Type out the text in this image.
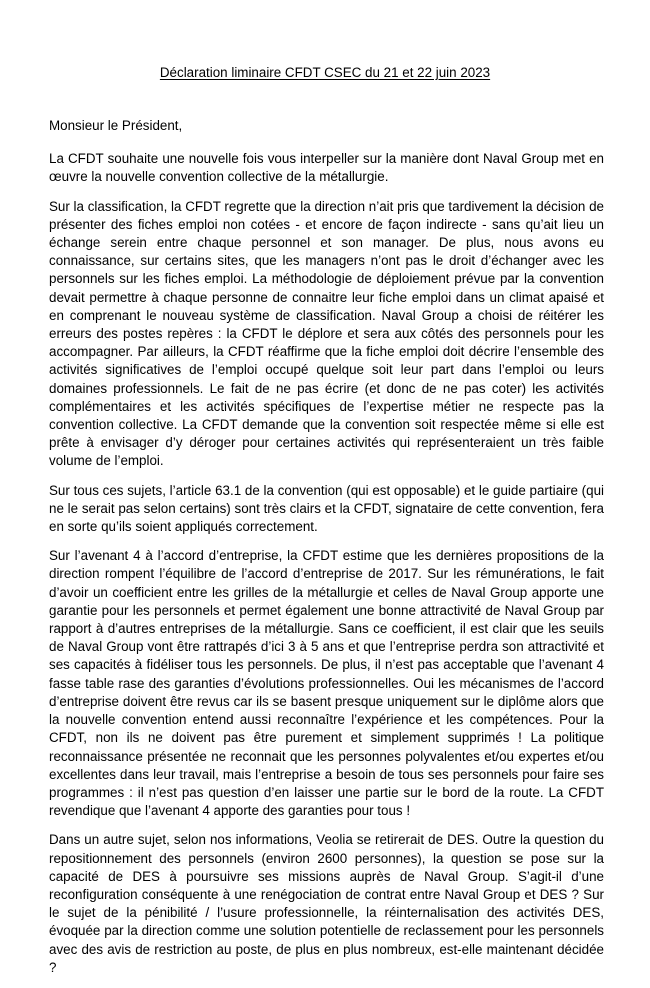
Déclaration liminaire CFDT CSEC du 21 et 22 juin 2023

Monsieur le Président,

La CFDT souhaite une nouvelle fois vous interpeller sur la manière dont Naval Group met en œuvre la nouvelle convention collective de la métallurgie.

Sur la classification, la CFDT regrette que la direction n’ait pris que tardivement la décision de présenter des fiches emploi non cotées - et encore de façon indirecte - sans qu’ait lieu un échange serein entre chaque personnel et son manager. De plus, nous avons eu connaissance, sur certains sites, que les managers n’ont pas le droit d’échanger avec les personnels sur les fiches emploi. La méthodologie de déploiement prévue par la convention devait permettre à chaque personne de connaitre leur fiche emploi dans un climat apaisé et en comprenant le nouveau système de classification. Naval Group a choisi de réitérer les erreurs des postes repères : la CFDT le déplore et sera aux côtés des personnels pour les accompagner. Par ailleurs, la CFDT réaffirme que la fiche emploi doit décrire l’ensemble des activités significatives de l’emploi occupé quelque soit leur part dans l’emploi ou leurs domaines professionnels. Le fait de ne pas écrire (et donc de ne pas coter) les activités complémentaires et les activités spécifiques de l’expertise métier ne respecte pas la convention collective. La CFDT demande que la convention soit respectée même si elle est prête à envisager d’y déroger pour certaines activités qui représenteraient un très faible volume de l’emploi.

Sur tous ces sujets, l’article 63.1 de la convention (qui est opposable) et le guide partiaire (qui ne le serait pas selon certains) sont très clairs et la CFDT, signataire de cette convention, fera en sorte qu’ils soient appliqués correctement.

Sur l’avenant 4 à l’accord d’entreprise, la CFDT estime que les dernières propositions de la direction rompent l’équilibre de l’accord d’entreprise de 2017. Sur les rémunérations, le fait d’avoir un coefficient entre les grilles de la métallurgie et celles de Naval Group apporte une garantie pour les personnels et permet également une bonne attractivité de Naval Group par rapport à d’autres entreprises de la métallurgie. Sans ce coefficient, il est clair que les seuils de Naval Group vont être rattrapés d’ici 3 à 5 ans et que l’entreprise perdra son attractivité et ses capacités à fidéliser tous les personnels. De plus, il n’est pas acceptable que l’avenant 4 fasse table rase des garanties d’évolutions professionnelles. Oui les mécanismes de l’accord d’entreprise doivent être revus car ils se basent presque uniquement sur le diplôme alors que la nouvelle convention entend aussi reconnaître l’expérience et les compétences. Pour la CFDT, non ils ne doivent pas être purement et simplement supprimés ! La politique reconnaissance présentée ne reconnait que les personnes polyvalentes et/ou expertes et/ou excellentes dans leur travail, mais l’entreprise a besoin de tous ses personnels pour faire ses programmes : il n’est pas question d’en laisser une partie sur le bord de la route. La CFDT revendique que l’avenant 4 apporte des garanties pour tous !

Dans un autre sujet, selon nos informations, Veolia se retirerait de DES. Outre la question du repositionnement des personnels (environ 2600 personnes), la question se pose sur la capacité de DES à poursuivre ses missions auprès de Naval Group. S’agit-il d’une reconfiguration conséquente à une renégociation de contrat entre Naval Group et DES ? Sur le sujet de la pénibilité / l’usure professionnelle, la réinternalisation des activités DES, évoquée par la direction comme une solution potentielle de reclassement pour les personnels avec des avis de restriction au poste, de plus en plus nombreux, est-elle maintenant décidée ?
